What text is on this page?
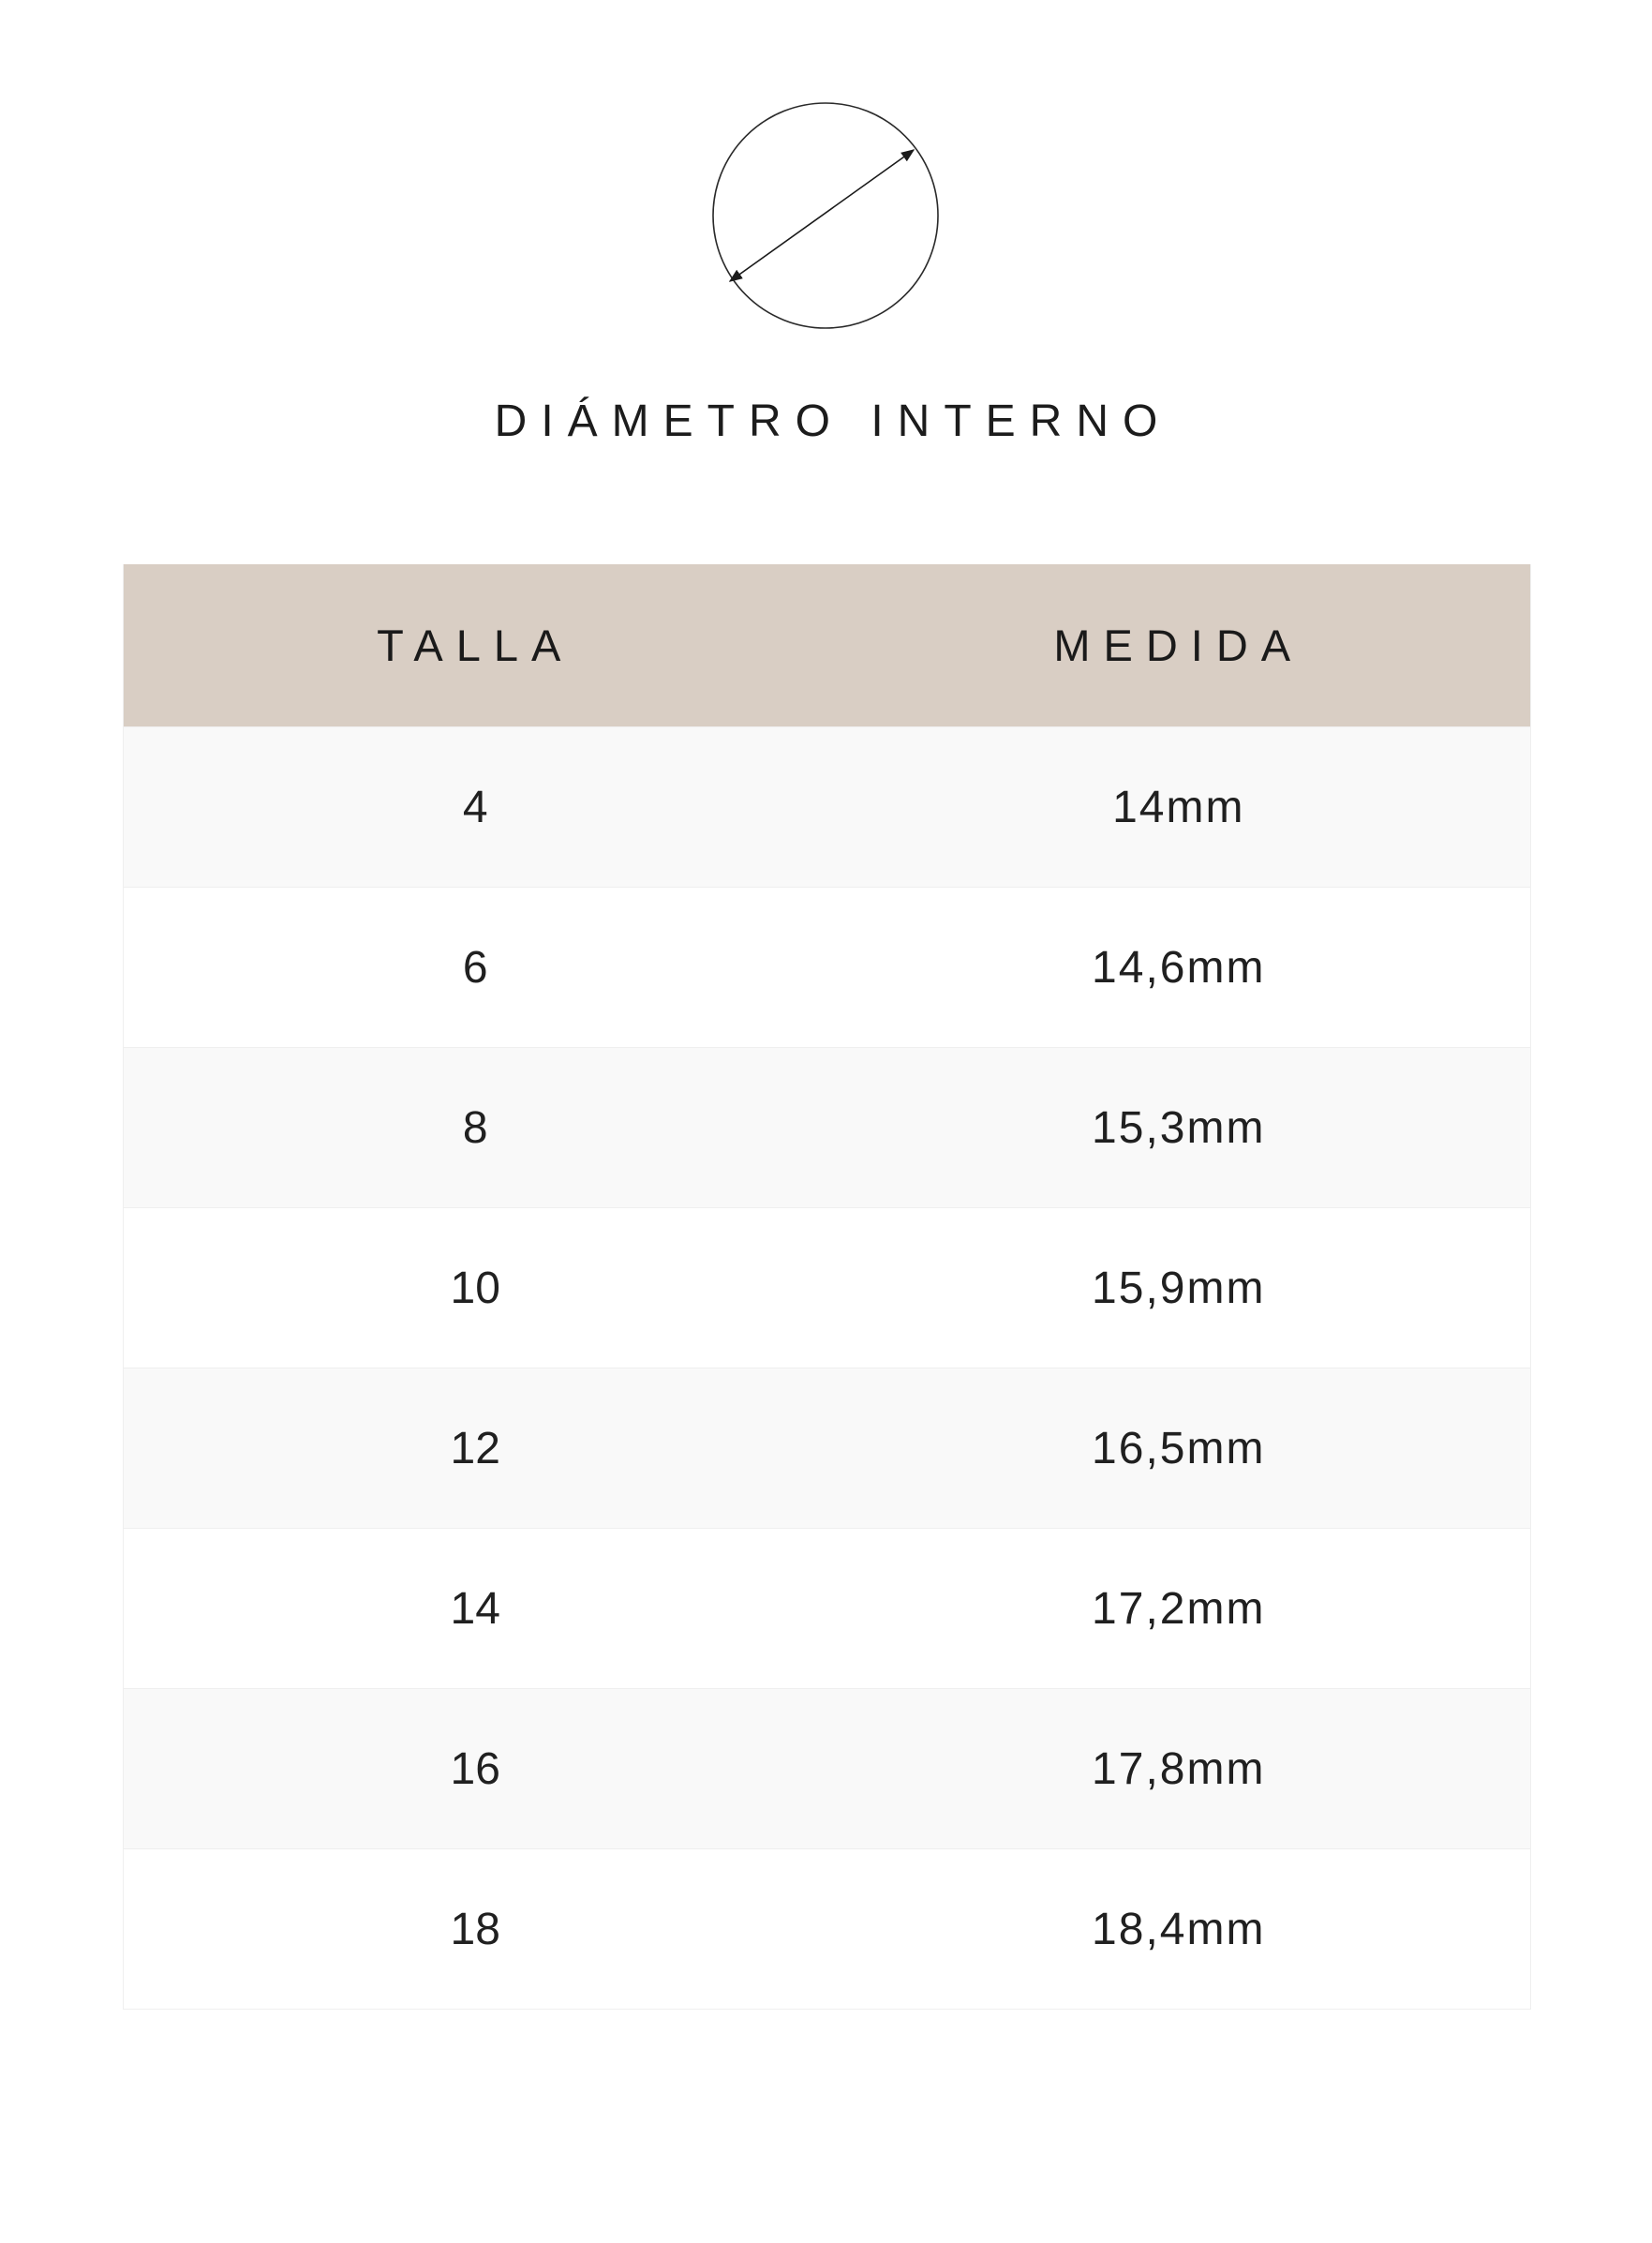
DIÁMETRO INTERNO
TALLA	MEDIDA
4	14mm
6	14,6mm
8	15,3mm
10	15,9mm
12	16,5mm
14	17,2mm
16	17,8mm
18	18,4mm
